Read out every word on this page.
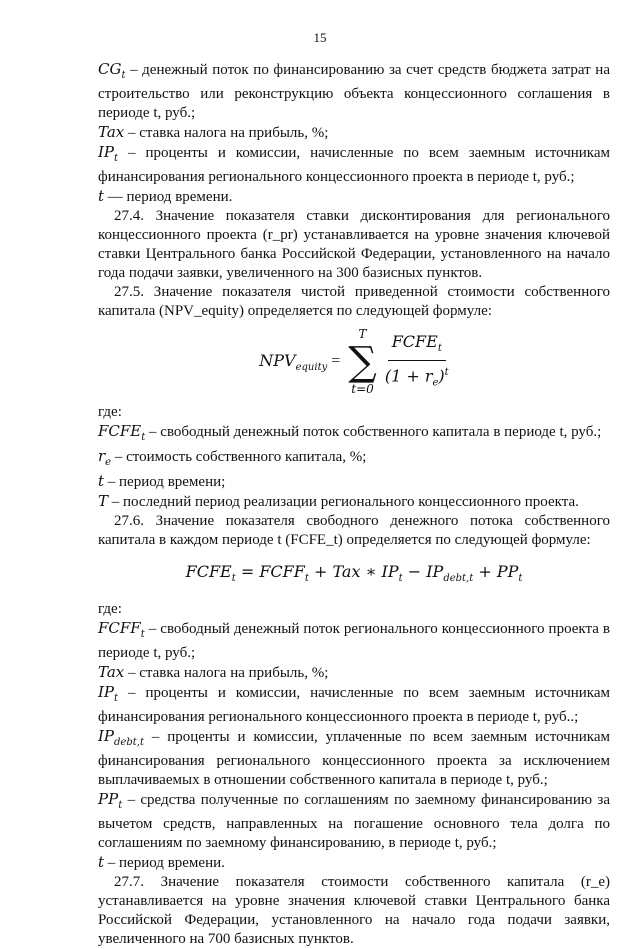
15

$CG_t$ – денежный поток по финансированию за счет средств бюджета затрат на строительство или реконструкцию объекта концессионного соглашения в периоде t, руб.;

Tax – ставка налога на прибыль, %;

$IP_t$ – проценты и комиссии, начисленные по всем заемным источникам финансирования регионального концессионного проекта в периоде t, руб.;

t — период времени.

27.4. Значение показателя ставки дисконтирования для регионального концессионного проекта (r_pr) устанавливается на уровне значения ключевой ставки Центрального банка Российской Федерации, установленного на начало года подачи заявки, увеличенного на 300 базисных пунктов.

27.5. Значение показателя чистой приведенной стоимости собственного капитала (NPV_equity) определяется по следующей формуле:

$NPV_{equity}$ =
T
∑
t=0
$\frac{FCFE_t}{(1 + r_e)^t}$

где:

$FCFE_t$ – свободный денежный поток собственного капитала в периоде t, руб.;

$r_e$ – стоимость собственного капитала, %;

t – период времени;

T – последний период реализации регионального концессионного проекта.

27.6. Значение показателя свободного денежного потока собственного капитала в каждом периоде t (FCFE_t) определяется по следующей формуле:

$FCFE_t$ = $FCFF_t$ + Tax ∗ $IP_t - IP_{debt,t} + PP_t$

где:

$FCFF_t$ – свободный денежный поток регионального концессионного проекта в периоде t, руб.;

Tax – ставка налога на прибыль, %;

$IP_t$ – проценты и комиссии, начисленные по всем заемным источникам финансирования регионального концессионного проекта в периоде t, руб..;

$IP_{debt,t}$ – проценты и комиссии, уплаченные по всем заемным источникам финансирования регионального концессионного проекта за исключением выплачиваемых в отношении собственного капитала в периоде t, руб.;

$PP_t$ – средства полученные по соглашениям по заемному финансированию за вычетом средств, направленных на погашение основного тела долга по соглашениям по заемному финансированию, в периоде t, руб.;

t – период времени.

27.7. Значение показателя стоимости собственного капитала (r_e) устанавливается на уровне значения ключевой ставки Центрального банка Российской Федерации, установленного на начало года подачи заявки, увеличенного на 700 базисных пунктов.
